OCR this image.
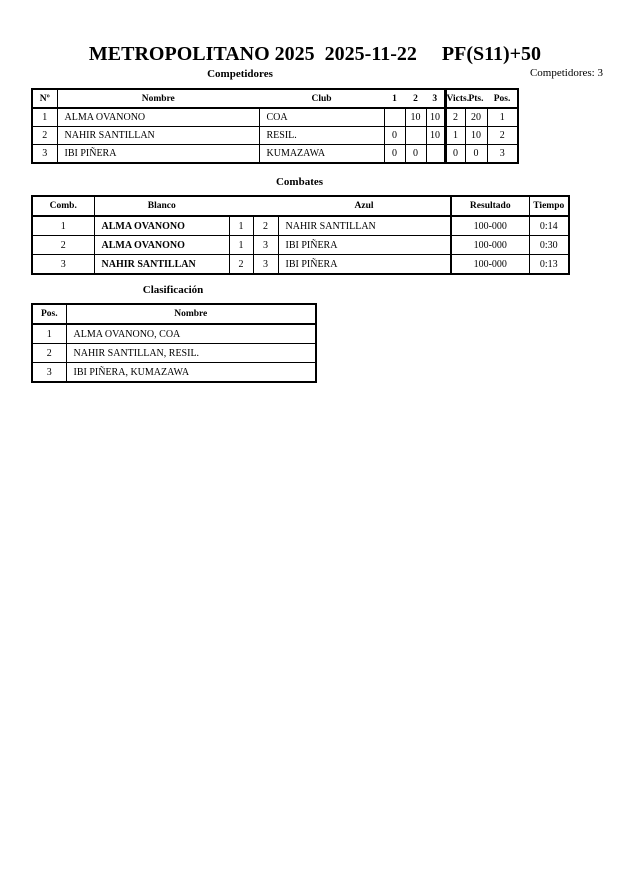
METROPOLITANO 2025  2025-11-22     PF(S11)+50
Competidores	Competidores: 3
Nº	Nombre	Club	1	2	3	Victs.	Pts.	Pos.
1	ALMA OVANONO	COA		10	10	2	20	1
2	NAHIR SANTILLAN	RESIL.	0		10	1	10	2
3	IBI PIÑERA	KUMAZAWA	0	0		0	0	3
Combates
Comb.	Blanco			Azul	Resultado	Tiempo
1	ALMA OVANONO	1	2	NAHIR SANTILLAN	100-000	0:14
2	ALMA OVANONO	1	3	IBI PIÑERA	100-000	0:30
3	NAHIR SANTILLAN	2	3	IBI PIÑERA	100-000	0:13
Clasificación
Pos.	Nombre
1	ALMA OVANONO, COA
2	NAHIR SANTILLAN, RESIL.
3	IBI PIÑERA, KUMAZAWA
